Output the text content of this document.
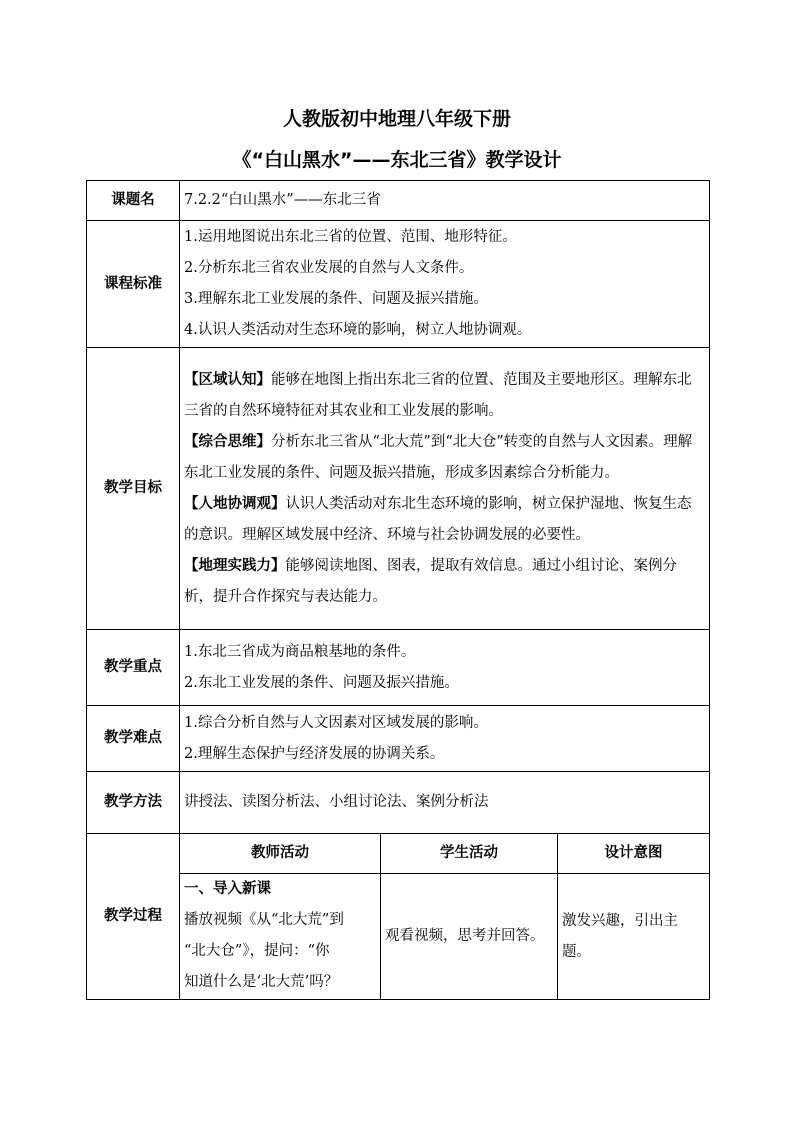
人教版初中地理八年级下册
《“白山黑水”——东北三省》教学设计
课题名	7.2.2“白山黑水”——东北三省		
课程标准	1.运用地图说出东北三省的位置、范围、地形特征。
2.分析东北三省农业发展的自然与人文条件。
3.理解东北工业发展的条件、问题及振兴措施。
4.认识人类活动对生态环境的影响，树立人地协调观。		

教学目标	【区域认知】能够在地图上指出东北三省的位置、范围及主要地形区。理解东北三省的自然环境特征对其农业和工业发展的影响。
【综合思维】分析东北三省从“北大荒”到“北大仓”转变的自然与人文因素。理解东北工业发展的条件、问题及振兴措施，形成多因素综合分析能力。
【人地协调观】认识人类活动对东北生态环境的影响，树立保护湿地、恢复生态的意识。理解区域发展中经济、环境与社会协调发展的必要性。
【地理实践力】能够阅读地图、图表，提取有效信息。通过小组讨论、案例分析，提升合作探究与表达能力。		

教学重点	1.东北三省成为商品粮基地的条件。
2.东北工业发展的条件、问题及振兴措施。		

教学难点	1.综合分析自然与人文因素对区域发展的影响。
2.理解生态保护与经济发展的协调关系。		

教学方法	讲授法、读图分析法、小组讨论法、案例分析法		
教学过程	教师活动	学生活动	设计意图

	一、导入新课
播放视频《从“北大荒”到
“北大仓”》，提问：“你
知道什么是‘北大荒’吗？	观看视频，思考并回答。	激发兴趣，引出主题。
